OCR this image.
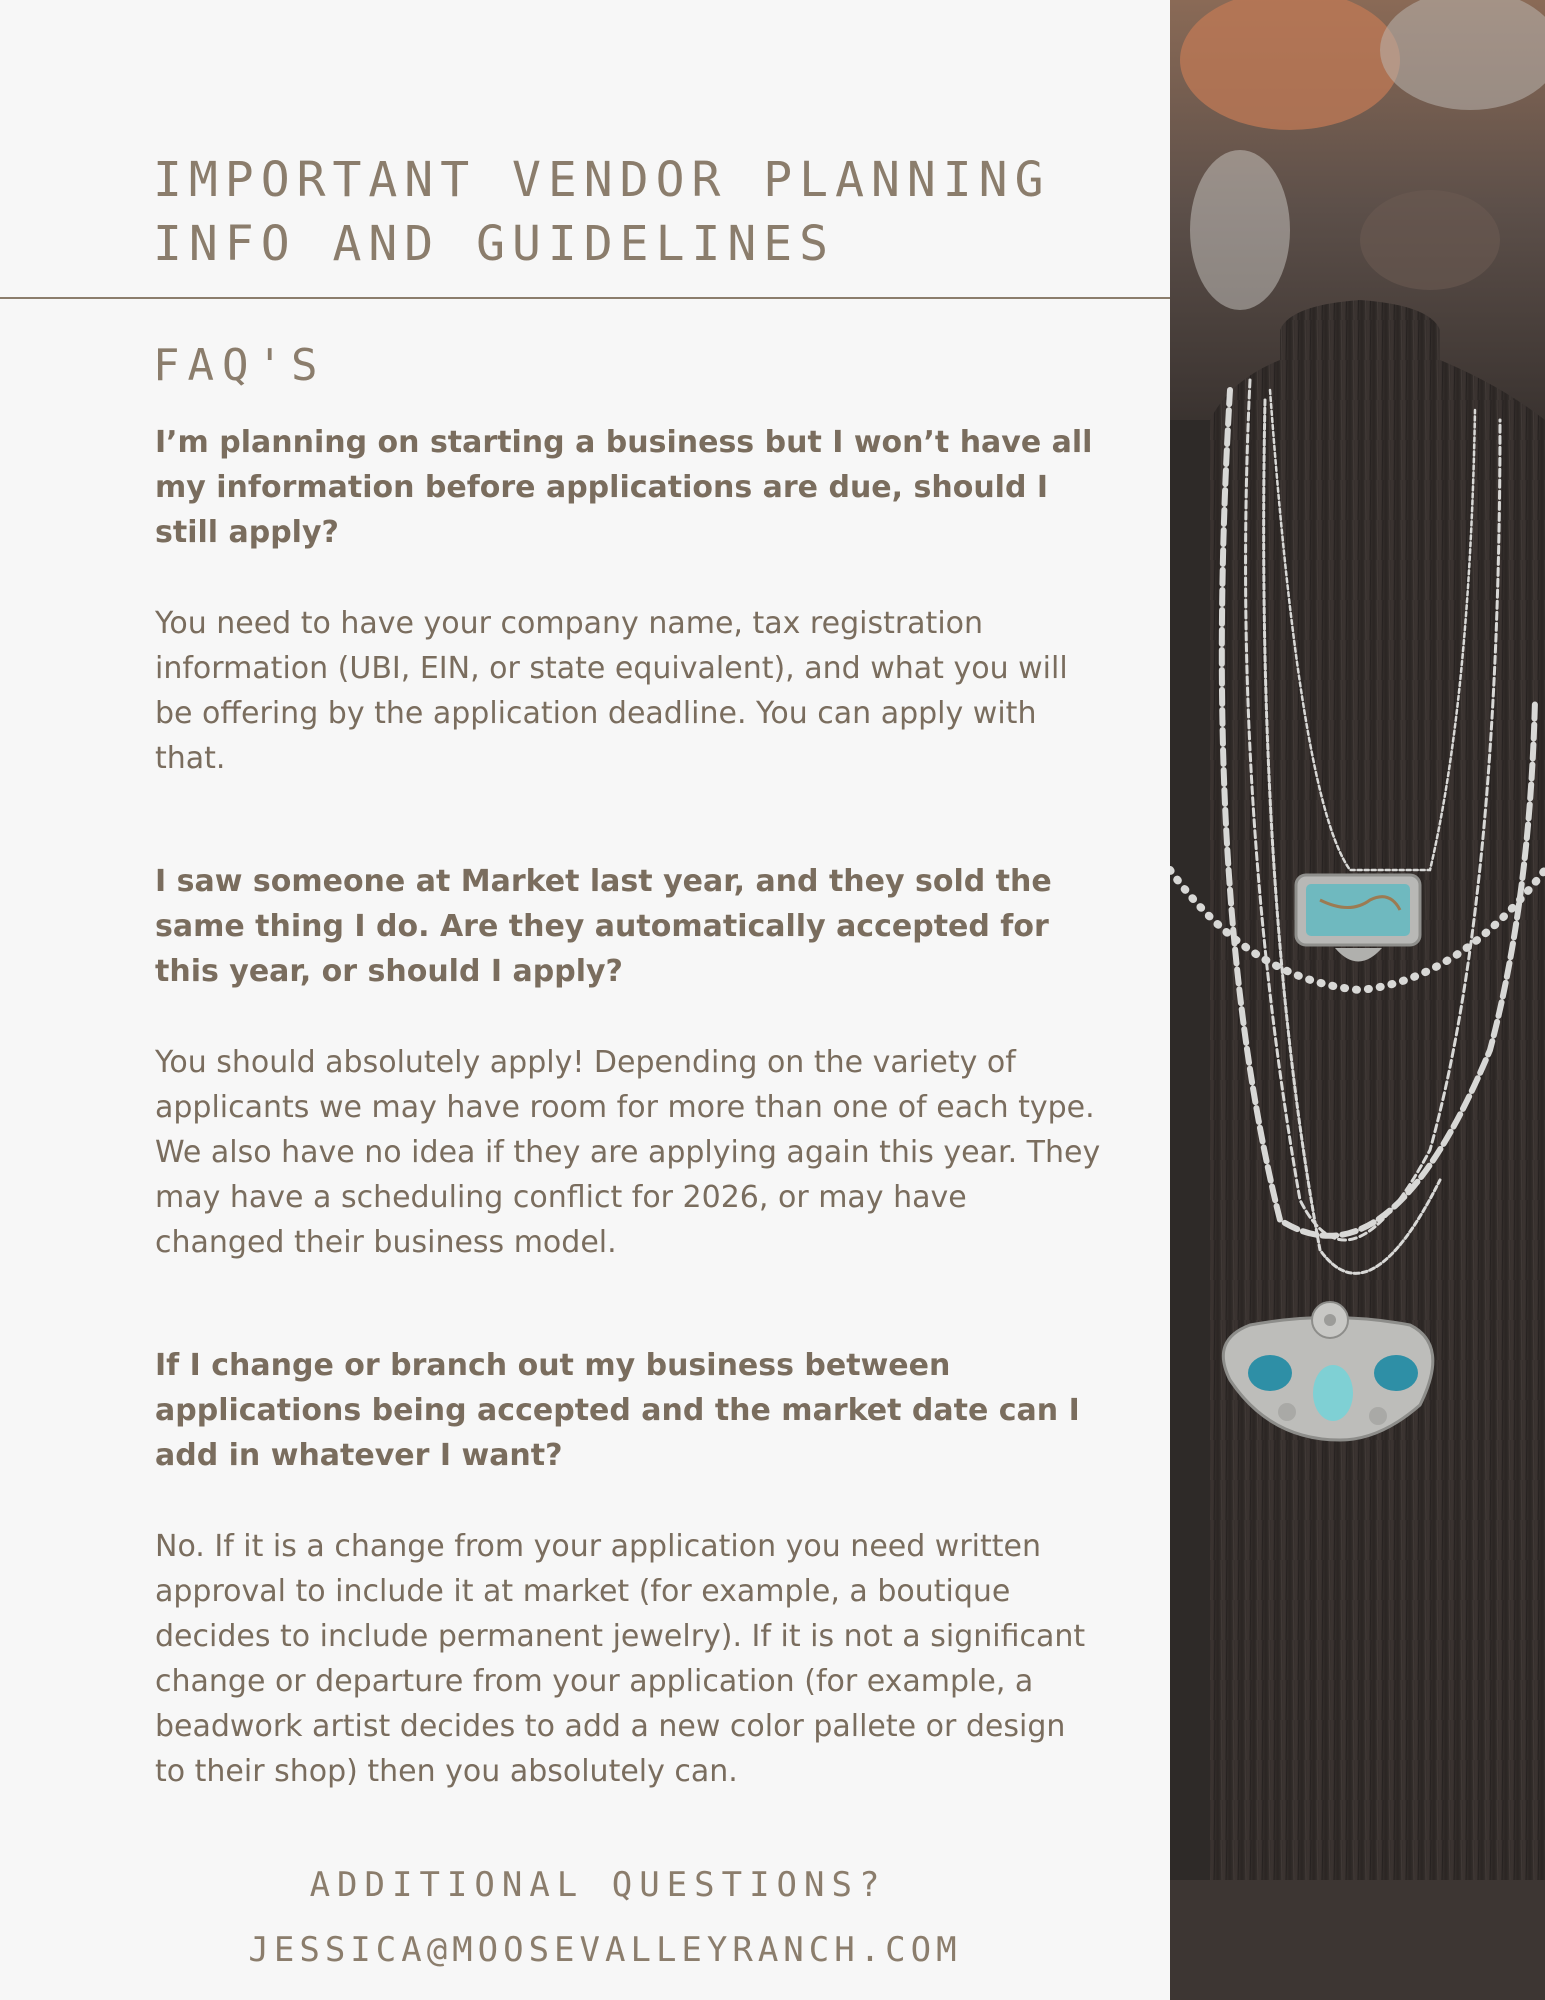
IMPORTANT VENDOR PLANNING
INFO AND GUIDELINES
FAQ'S

I’m planning on starting a business but I won’t have all my information before applications are due, should I still apply?

You need to have your company name, tax registration information (UBI, EIN, or state equivalent), and what you will be offering by the application deadline. You can apply with that.

I saw someone at Market last year, and they sold the same thing I do. Are they automatically accepted for this year, or should I apply?

You should absolutely apply! Depending on the variety of applicants we may have room for more than one of each type. We also have no idea if they are applying again this year. They may have a scheduling conflict for 2026, or may have changed their business model.

If I change or branch out my business between applications being accepted and the market date can I add in whatever I want?

No. If it is a change from your application you need written approval to include it at market (for example, a boutique decides to include permanent jewelry). If it is not a significant change or departure from your application (for example, a beadwork artist decides to add a new color pallete or design to their shop) then you absolutely can.

ADDITIONAL QUESTIONS?
JESSICA@MOOSEVALLEYRANCH.COM
